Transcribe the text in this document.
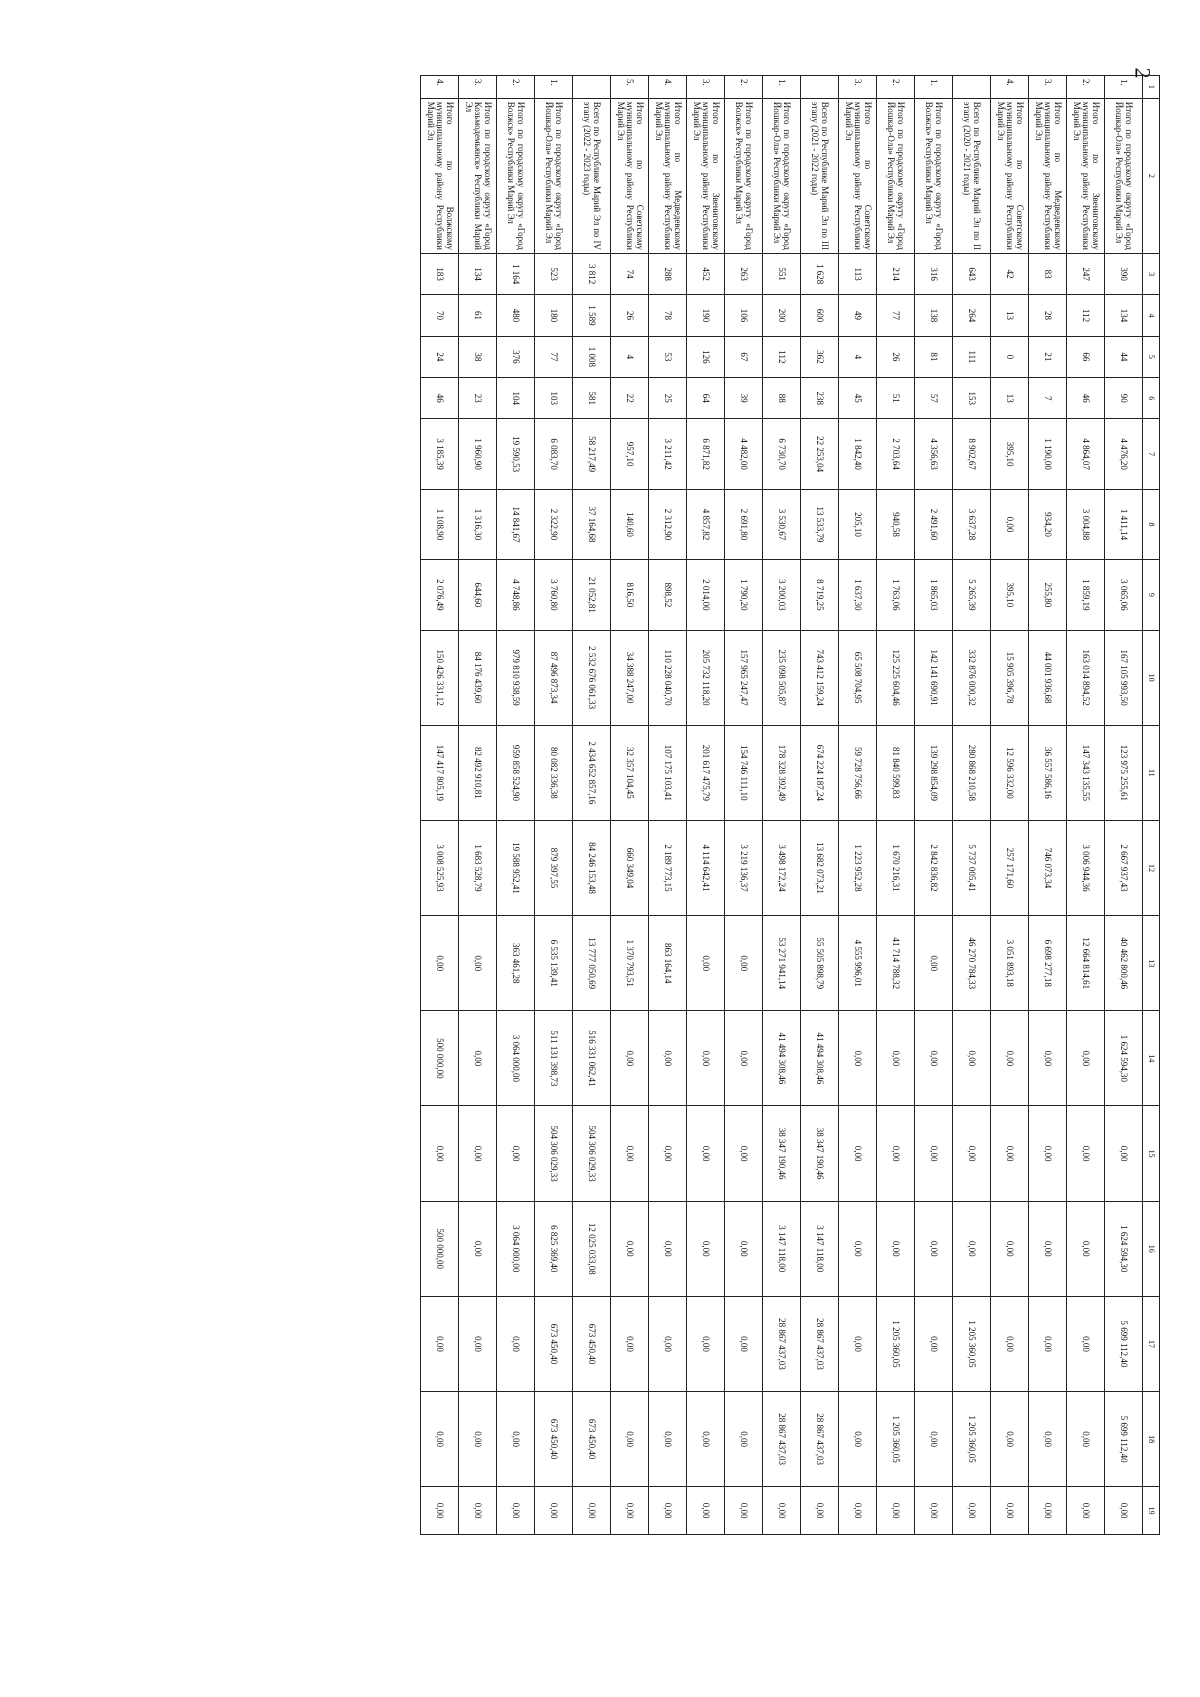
2
1	2	3	4	5	6	7	8	9	10	11	12	13	14	15	16	17	18	19
1.	Итого по городскому округу «Город Йошкар-Ола» Республики Марий Эл	390	134	44	90	4 476,20	1 411,14	3 065,06	167 105 993,50	123 975 255,61	2 667 937,43	40 462 800,46	1 624 594,30	0,00	1 624 594,30	5 699 112,40	5 699 112,40	0,00
2.	Итого по Звениговскому муниципальному району Республики Марий Эл	247	112	66	46	4 864,07	3 004,88	1 859,19	163 014 894,52	147 343 135,55	3 006 944,36	12 664 814,61	0,00	0,00	0,00	0,00	0,00	0,00
3.	Итого по Медведевскому муниципальному району Республики Марий Эл	83	28	21	7	1 190,00	934,20	255,80	44 001 936,68	36 557 586,16	746 073,34	6 698 277,18	0,00	0,00	0,00	0,00	0,00	0,00
4.	Итого по Советскому муниципальному району Республики Марий Эл	42	13	0	13	395,10	0,00	395,10	15 905 396,78	12 596 332,00	257 171,60	3 051 893,18	0,00	0,00	0,00	0,00	0,00	0,00
	Всего по Республике Марий Эл по II этапу (2020 - 2021 годы)	643	264	111	153	8 902,67	3 637,28	5 265,39	332 876 000,32	280 868 210,58	5 737 005,41	46 270 784,33	0,00	0,00	0,00	1 205 360,05	1 205 360,05	0,00
1.	Итого по городскому округу «Город Волжск» Республики Марий Эл	316	138	81	57	4 356,63	2 491,60	1 865,03	142 141 690,91	139 298 854,09	2 842 836,82	0,00	0,00	0,00	0,00	0,00	0,00	0,00
2.	Итого по городскому округу «Город Йошкар-Ола» Республики Марий Эл	214	77	26	51	2 703,64	940,58	1 763,06	125 225 604,46	81 840 599,83	1 670 216,31	41 714 788,32	0,00	0,00	0,00	1 205 360,05	1 205 360,05	0,00
3.	Итого по Советскому муниципальному району Республики Марий Эл	113	49	4	45	1 842,40	205,10	1 637,30	65 508 704,95	59 728 756,66	1 223 952,28	4 555 996,01	0,00	0,00	0,00	0,00	0,00	0,00
	Всего по Республике Марий Эл по III этапу (2021 - 2022 годы)	1 628	600	362	238	22 253,04	13 533,79	8 719,25	743 412 159,24	674 224 187,24	13 682 073,21	55 505 898,79	41 494 308,46	38 347 190,46	3 147 118,00	28 867 437,03	28 867 437,03	0,00
1.	Итого по городскому округу «Город Йошкар-Ола» Республики Марий Эл	551	200	112	88	6 730,70	3 530,67	3 200,03	235 098 505,87	178 328 392,49	3 498 172,24	53 271 941,14	41 494 308,46	38 347 190,46	3 147 118,00	28 867 437,03	28 867 437,03	0,00
2.	Итого по городскому округу «Город Волжск» Республики Марий Эл	263	106	67	39	4 482,00	2 691,80	1 790,20	157 965 247,47	154 746 111,10	3 219 136,37	0,00	0,00	0,00	0,00	0,00	0,00	0,00
3.	Итого по Звениговскому муниципальному району Республики Марий Эл	452	190	126	64	6 871,82	4 857,82	2 014,00	205 732 118,20	201 617 475,79	4 114 642,41	0,00	0,00	0,00	0,00	0,00	0,00	0,00
4.	Итого по Медведевскому муниципальному району Республики Марий Эл	288	78	53	25	3 211,42	2 312,90	898,52	110 228 040,70	107 175 103,41	2 189 773,15	863 164,14	0,00	0,00	0,00	0,00	0,00	0,00
5.	Итого по Советскому муниципальному району Республики Марий Эл	74	26	4	22	957,10	140,60	816,50	34 388 247,00	32 357 104,45	660 349,04	1 370 793,51	0,00	0,00	0,00	0,00	0,00	0,00
	Всего по Республике Марий Эл по IV этапу (2022 - 2023 годы)	3 812	1 589	1 008	581	58 217,49	37 164,68	21 052,81	2 532 676 061,33	2 434 652 857,16	84 246 153,48	13 777 050,69	516 331 062,41	504 306 029,33	12 025 033,08	673 450,40	673 450,40	0,00
1.	Итого по городскому округу «Город Йошкар-Ола» Республики Марий Эл	523	180	77	103	6 083,70	2 322,90	3 760,80	87 496 873,34	80 082 336,38	879 397,55	6 535 139,41	511 131 398,73	504 306 029,33	6 825 369,40	673 450,40	673 450,40	0,00
2.	Итого по городскому округу «Город Волжск» Республики Марий Эл	1 164	480	376	104	19 590,53	14 841,67	4 748,86	979 810 938,59	959 858 524,90	19 588 952,41	363 461,28	3 064 000,00	0,00	3 064 000,00	0,00	0,00	0,00
3.	Итого по городскому округу «Город Козьмодемьянск» Республики Марий Эл	134	61	38	23	1 960,90	1 316,30	644,60	84 176 439,60	82 492 910,81	1 683 528,79	0,00	0,00	0,00	0,00	0,00	0,00	0,00
4.	Итого по Волжскому муниципальному району Республики Марий Эл	183	70	24	46	3 185,39	1 108,90	2 076,49	150 426 331,12	147 417 805,19	3 008 525,93	0,00	500 000,00	0,00	500 000,00	0,00	0,00	0,00
